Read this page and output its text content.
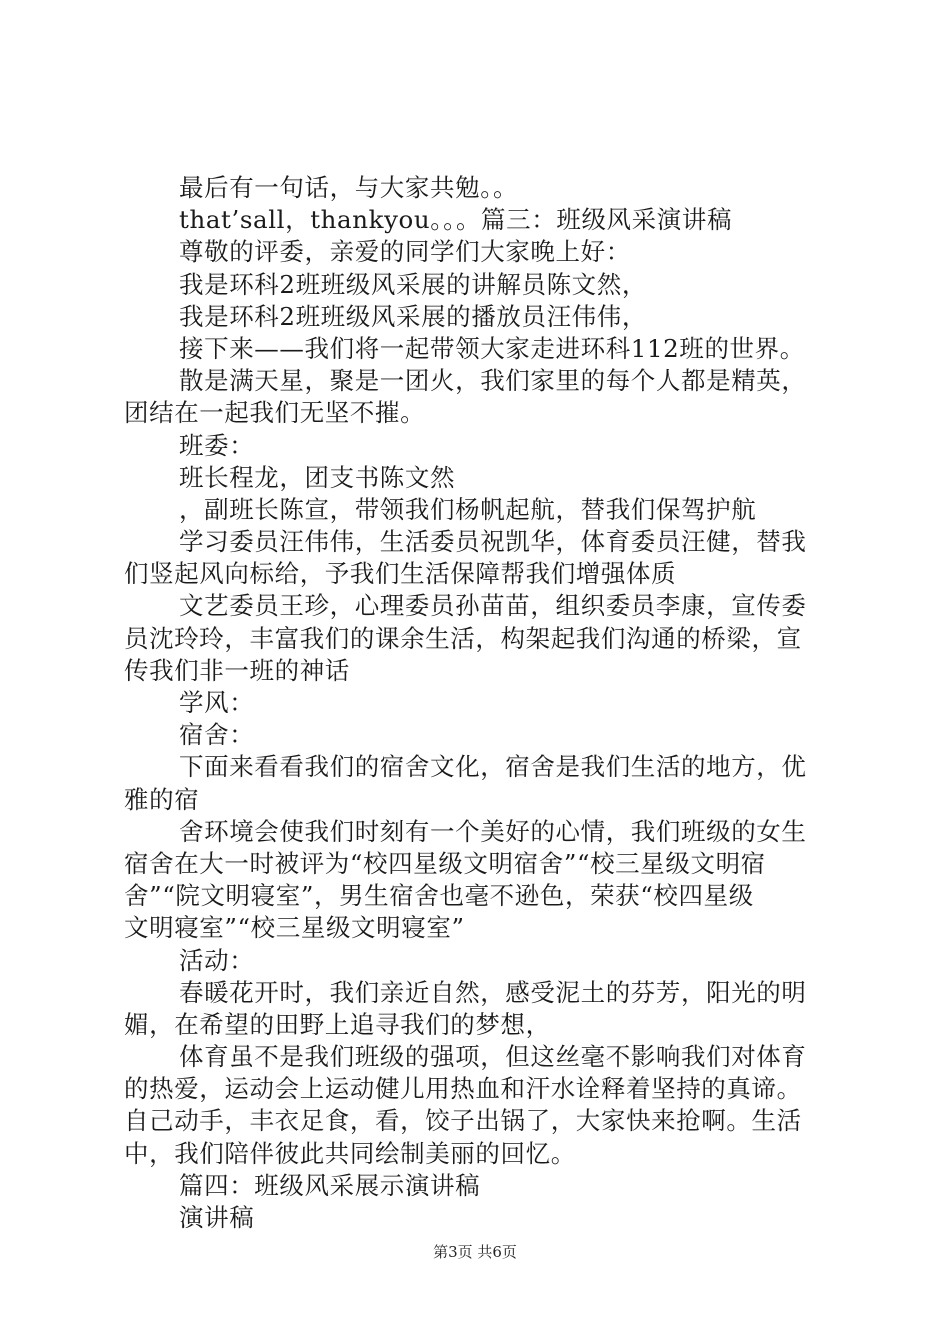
最后有一句话，与大家共勉。。
that’sall，thankyou。。。篇三：班级风采演讲稿
尊敬的评委，亲爱的同学们大家晚上好：
我是环科2班班级风采展的讲解员陈文然，
我是环科2班班级风采展的播放员汪伟伟，
接下来——我们将一起带领大家走进环科112班的世界。
散是满天星，聚是一团火，我们家里的每个人都是精英，
团结在一起我们无坚不摧。
班委：
班长程龙，团支书陈文然
，副班长陈宣，带领我们杨帆起航，替我们保驾护航
学习委员汪伟伟，生活委员祝凯华，体育委员汪健，替我
们竖起风向标给，予我们生活保障帮我们增强体质
文艺委员王珍，心理委员孙苗苗，组织委员李康，宣传委
员沈玲玲，丰富我们的课余生活，构架起我们沟通的桥梁，宣
传我们非一班的神话
学风：
宿舍：
下面来看看我们的宿舍文化，宿舍是我们生活的地方，优
雅的宿
舍环境会使我们时刻有一个美好的心情，我们班级的女生
宿舍在大一时被评为“校四星级文明宿舍”“校三星级文明宿
舍”“院文明寝室”，男生宿舍也毫不逊色，荣获“校四星级
文明寝室”“校三星级文明寝室”
活动：
春暖花开时，我们亲近自然，感受泥土的芬芳，阳光的明
媚，在希望的田野上追寻我们的梦想，
体育虽不是我们班级的强项，但这丝毫不影响我们对体育
的热爱，运动会上运动健儿用热血和汗水诠释着坚持的真谛。
自己动手，丰衣足食，看，饺子出锅了，大家快来抢啊。生活
中，我们陪伴彼此共同绘制美丽的回忆。
篇四：班级风采展示演讲稿
演讲稿
第3页 共6页
